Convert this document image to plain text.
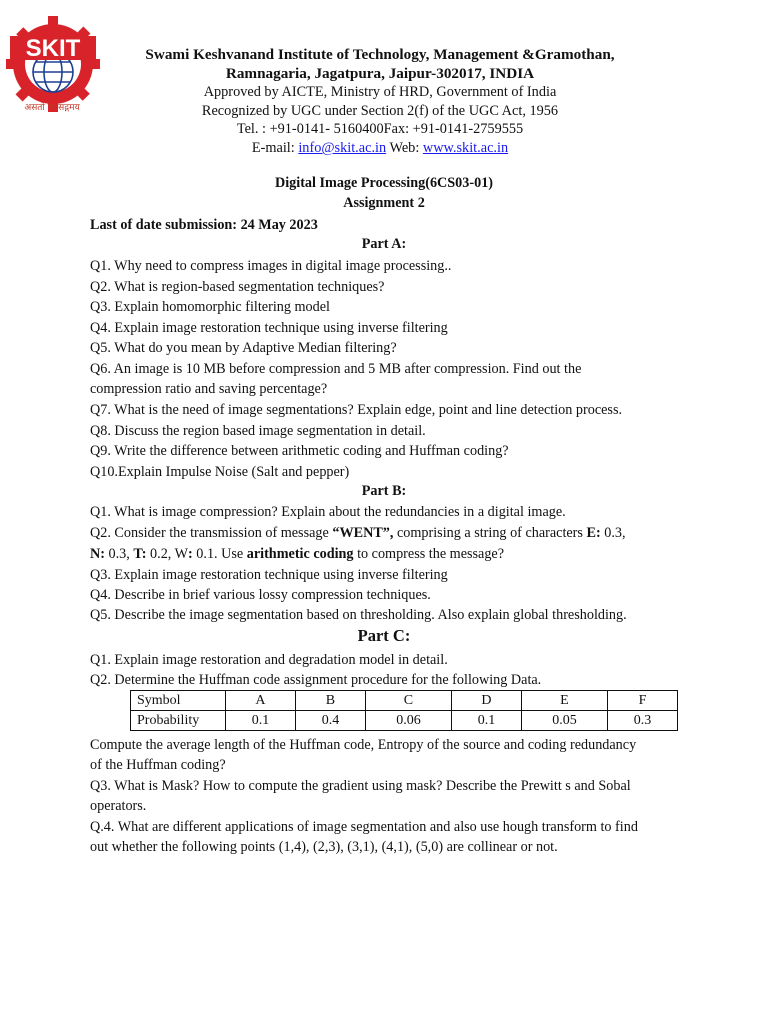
SKIT
असतो मा सद्गमय
Swami Keshvanand Institute of Technology, Management &Gramothan,
Ramnagaria, Jagatpura, Jaipur-302017, INDIA
Approved by AICTE, Ministry of HRD, Government of India
Recognized by UGC under Section 2(f) of the UGC Act, 1956
Tel. : +91-0141- 5160400Fax: +91-0141-2759555
E-mail: info@skit.ac.in Web: www.skit.ac.in
Digital Image Processing(6CS03-01)
Assignment 2
Last of date submission: 24 May 2023
Part A:
Q1. Why need to compress images in digital image processing..
Q2. What is region-based segmentation techniques?
Q3. Explain homomorphic filtering model
Q4. Explain image restoration technique using inverse filtering
Q5. What do you mean by Adaptive Median filtering?
Q6. An image is 10 MB before compression and 5 MB after compression. Find out the
compression ratio and saving percentage?
Q7. What is the need of image segmentations? Explain edge, point and line detection process.
Q8. Discuss the region based image segmentation in detail.
Q9. Write the difference between arithmetic coding and Huffman coding?
Q10.Explain Impulse Noise (Salt and pepper)
Part B:
Q1. What is image compression? Explain about the redundancies in a digital image.
Q2. Consider the transmission of message “WENT”, comprising a string of characters E: 0.3,
N: 0.3, T: 0.2, W: 0.1. Use arithmetic coding to compress the message?
Q3. Explain image restoration technique using inverse filtering
Q4. Describe in brief various lossy compression techniques.
Q5. Describe the image segmentation based on thresholding. Also explain global thresholding.
Part C:
Q1. Explain image restoration and degradation model in detail.
Q2. Determine the Huffman code assignment procedure for the following Data.
Symbol	A	B	C	D	E	F
Probability	0.1	0.4	0.06	0.1	0.05	0.3
Compute the average length of the Huffman code, Entropy of the source and coding redundancy
of the Huffman coding?
Q3. What is Mask? How to compute the gradient using mask? Describe the Prewitt s and Sobal
operators.
Q.4. What are different applications of image segmentation and also use hough transform to find
out whether the following points (1,4), (2,3), (3,1), (4,1), (5,0) are collinear or not.
